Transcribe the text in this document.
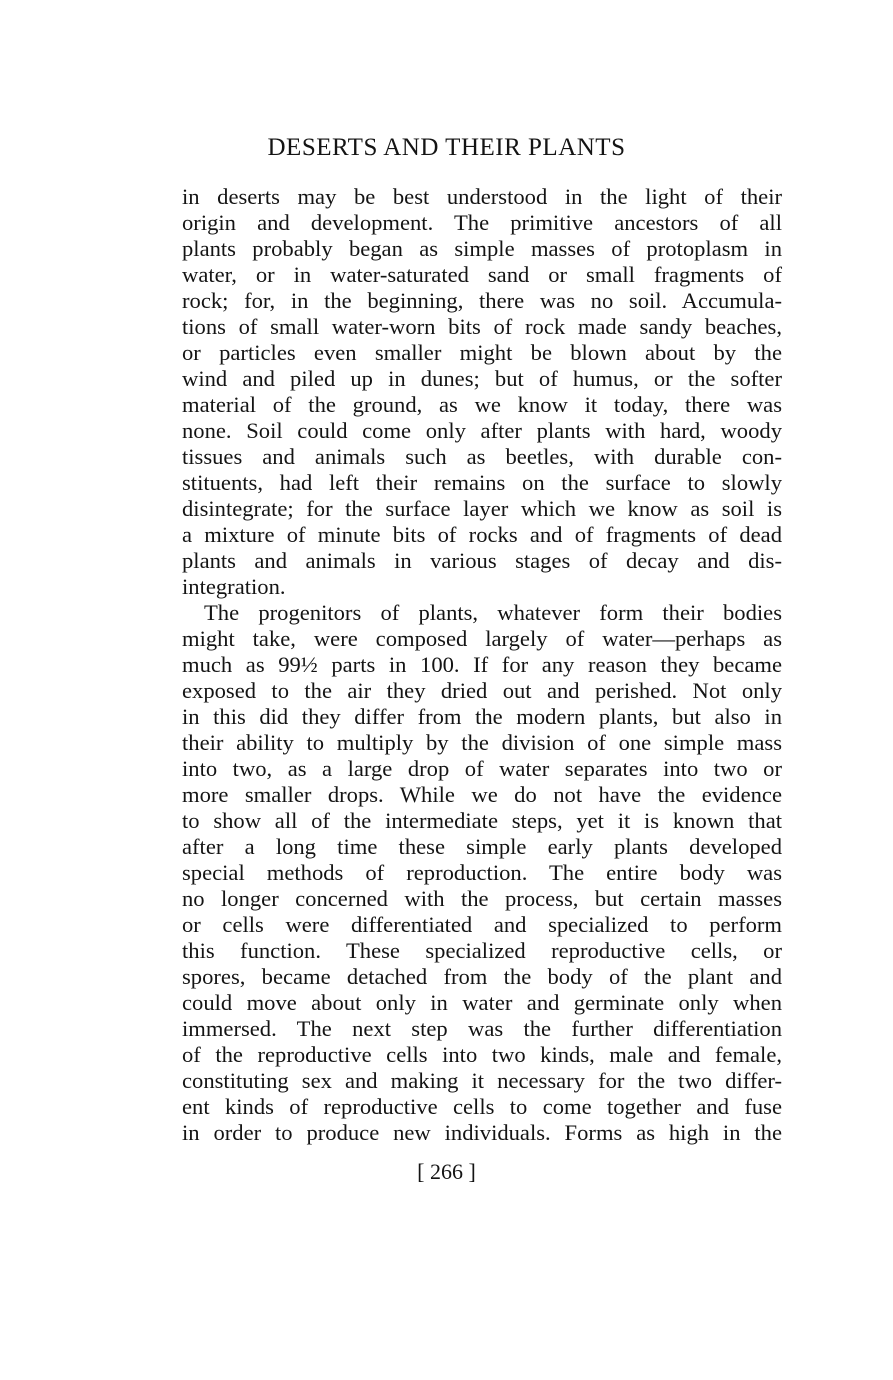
DESERTS AND THEIR PLANTS
in deserts may be best understood in the light of their
origin and development. The primitive ancestors of all
plants probably began as simple masses of protoplasm in
water, or in water-saturated sand or small fragments of
rock; for, in the beginning, there was no soil. Accumula-
tions of small water-worn bits of rock made sandy beaches,
or particles even smaller might be blown about by the
wind and piled up in dunes; but of humus, or the softer
material of the ground, as we know it today, there was
none. Soil could come only after plants with hard, woody
tissues and animals such as beetles, with durable con-
stituents, had left their remains on the surface to slowly
disintegrate; for the surface layer which we know as soil is
a mixture of minute bits of rocks and of fragments of dead
plants and animals in various stages of decay and dis-
integration.
The progenitors of plants, whatever form their bodies
might take, were composed largely of water—perhaps as
much as 99½ parts in 100. If for any reason they became
exposed to the air they dried out and perished. Not only
in this did they differ from the modern plants, but also in
their ability to multiply by the division of one simple mass
into two, as a large drop of water separates into two or
more smaller drops. While we do not have the evidence
to show all of the intermediate steps, yet it is known that
after a long time these simple early plants developed
special methods of reproduction. The entire body was
no longer concerned with the process, but certain masses
or cells were differentiated and specialized to perform
this function. These specialized reproductive cells, or
spores, became detached from the body of the plant and
could move about only in water and germinate only when
immersed. The next step was the further differentiation
of the reproductive cells into two kinds, male and female,
constituting sex and making it necessary for the two differ-
ent kinds of reproductive cells to come together and fuse
in order to produce new individuals. Forms as high in the
[ 266 ]
